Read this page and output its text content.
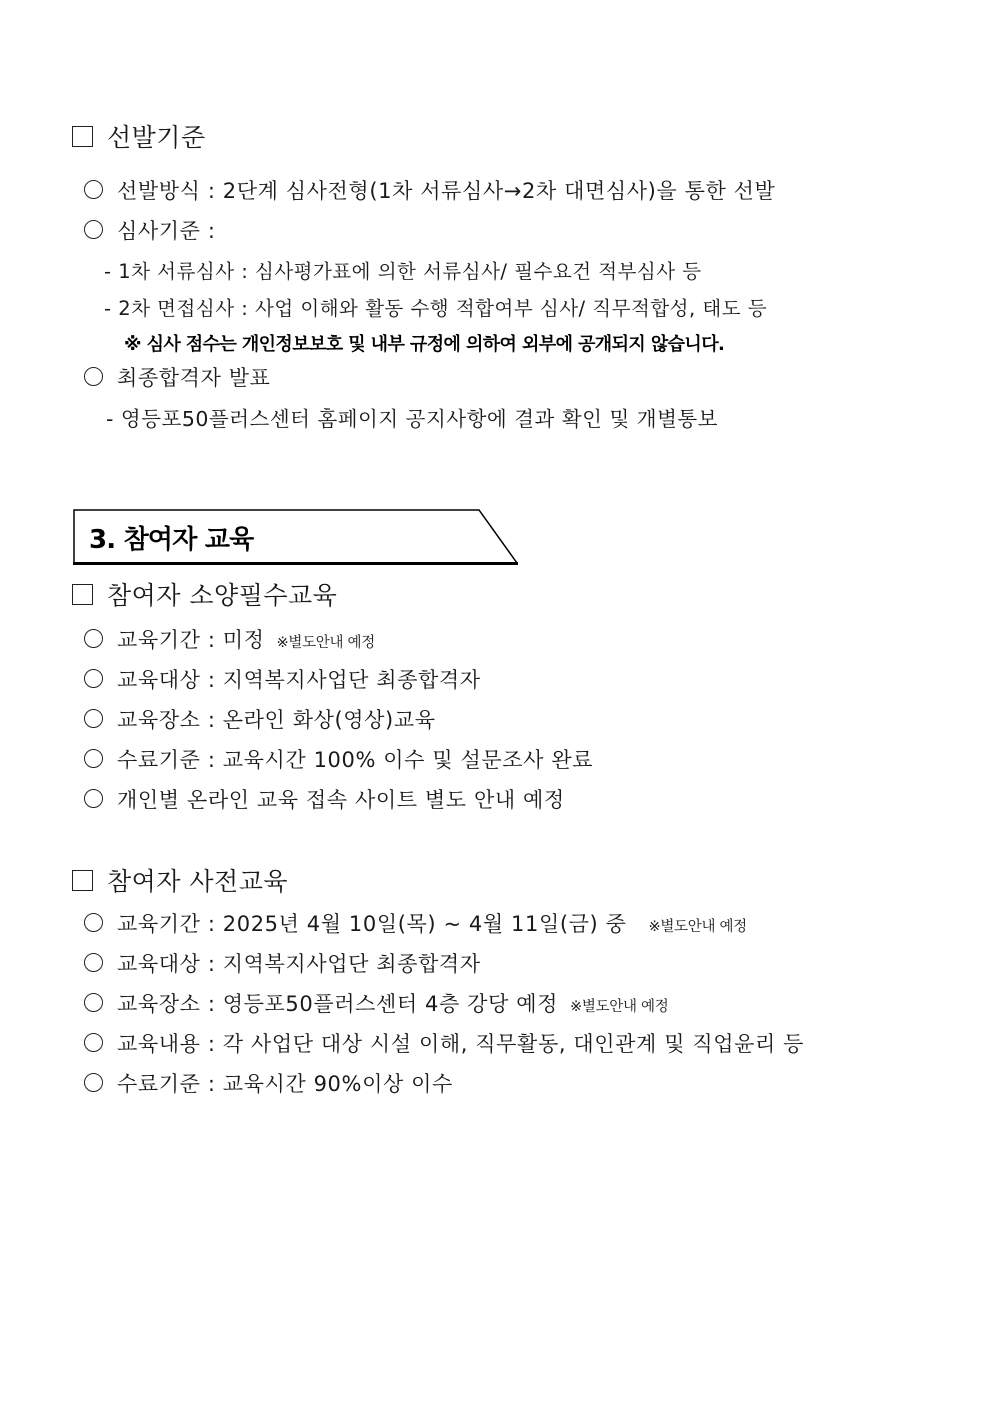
선발기준
선발방식 : 2단계 심사전형(1차 서류심사→2차 대면심사)을 통한 선발
심사기준 :
- 1차 서류심사 : 심사평가표에 의한 서류심사/ 필수요건 적부심사 등
- 2차 면접심사 : 사업 이해와 활동 수행 적합여부 심사/ 직무적합성, 태도 등
※ 심사 점수는 개인정보보호 및 내부 규정에 의하여 외부에 공개되지 않습니다.
최종합격자 발표
- 영등포50플러스센터 홈페이지 공지사항에 결과 확인 및 개별통보
3. 참여자 교육
참여자 소양필수교육
교육기간 : 미정 ※별도안내 예정
교육대상 : 지역복지사업단 최종합격자
교육장소 : 온라인 화상(영상)교육
수료기준 : 교육시간 100% 이수 및 설문조사 완료
개인별 온라인 교육 접속 사이트 별도 안내 예정
참여자 사전교육
교육기간 : 2025년 4월 10일(목) ~ 4월 11일(금) 중 ※별도안내 예정
교육대상 : 지역복지사업단 최종합격자
교육장소 : 영등포50플러스센터 4층 강당 예정 ※별도안내 예정
교육내용 : 각 사업단 대상 시설 이해, 직무활동, 대인관계 및 직업윤리 등
수료기준 : 교육시간 90%이상 이수
